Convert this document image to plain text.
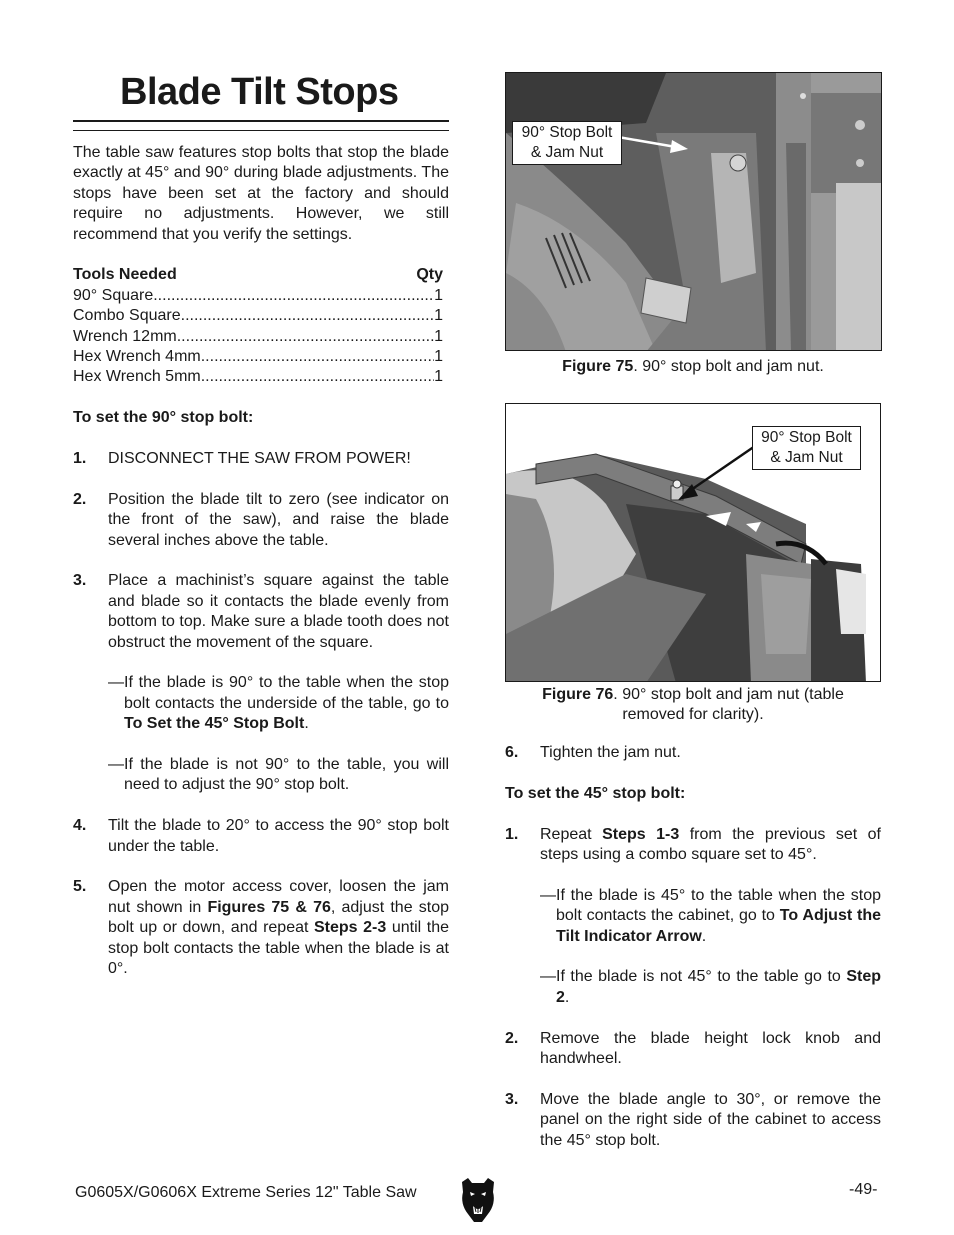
Blade Tilt Stops

The table saw features stop bolts that stop the blade exactly at 45° and 90° during blade adjustments. The stops have been set at the factory and should require no adjustments. However, we still recommend that you verify the settings.

Tools Needed	Qty
90° Square .....	1
Combo Square .....	1
Wrench 12mm .....	1
Hex Wrench 4mm .....	1
Hex Wrench 5mm .....	1

To set the 90° stop bolt:

1. DISCONNECT THE SAW FROM POWER!
2. Position the blade tilt to zero (see indicator on the front of the saw), and raise the blade several inches above the table.
3. Place a machinist’s square against the table and blade so it contacts the blade evenly from bottom to top. Make sure a blade tooth does not obstruct the movement of the square.
—If the blade is 90° to the table when the stop bolt contacts the underside of the table, go to To Set the 45° Stop Bolt.
—If the blade is not 90° to the table, you will need to adjust the 90° stop bolt.
4. Tilt the blade to 20° to access the 90° stop bolt under the table.
5. Open the motor access cover, loosen the jam nut shown in Figures 75 & 76, adjust the stop bolt up or down, and repeat Steps 2-3 until the stop bolt contacts the table when the blade is at 0°.
90° Stop Bolt
& Jam Nut
Figure 75. 90° stop bolt and jam nut.
90° Stop Bolt
& Jam Nut
Figure 76. 90° stop bolt and jam nut (table
removed for clarity).
6. Tighten the jam nut.

To set the 45° stop bolt:

1. Repeat Steps 1-3 from the previous set of steps using a combo square set to 45°.
—If the blade is 45° to the table when the stop bolt contacts the cabinet, go to To Adjust the Tilt Indicator Arrow.
—If the blade is not 45° to the table go to Step 2.
2. Remove the blade height lock knob and handwheel.
3. Move the blade angle to 30°, or remove the panel on the right side of the cabinet to access the 45° stop bolt.
G0605X/G0606X Extreme Series 12" Table Saw	-49-
